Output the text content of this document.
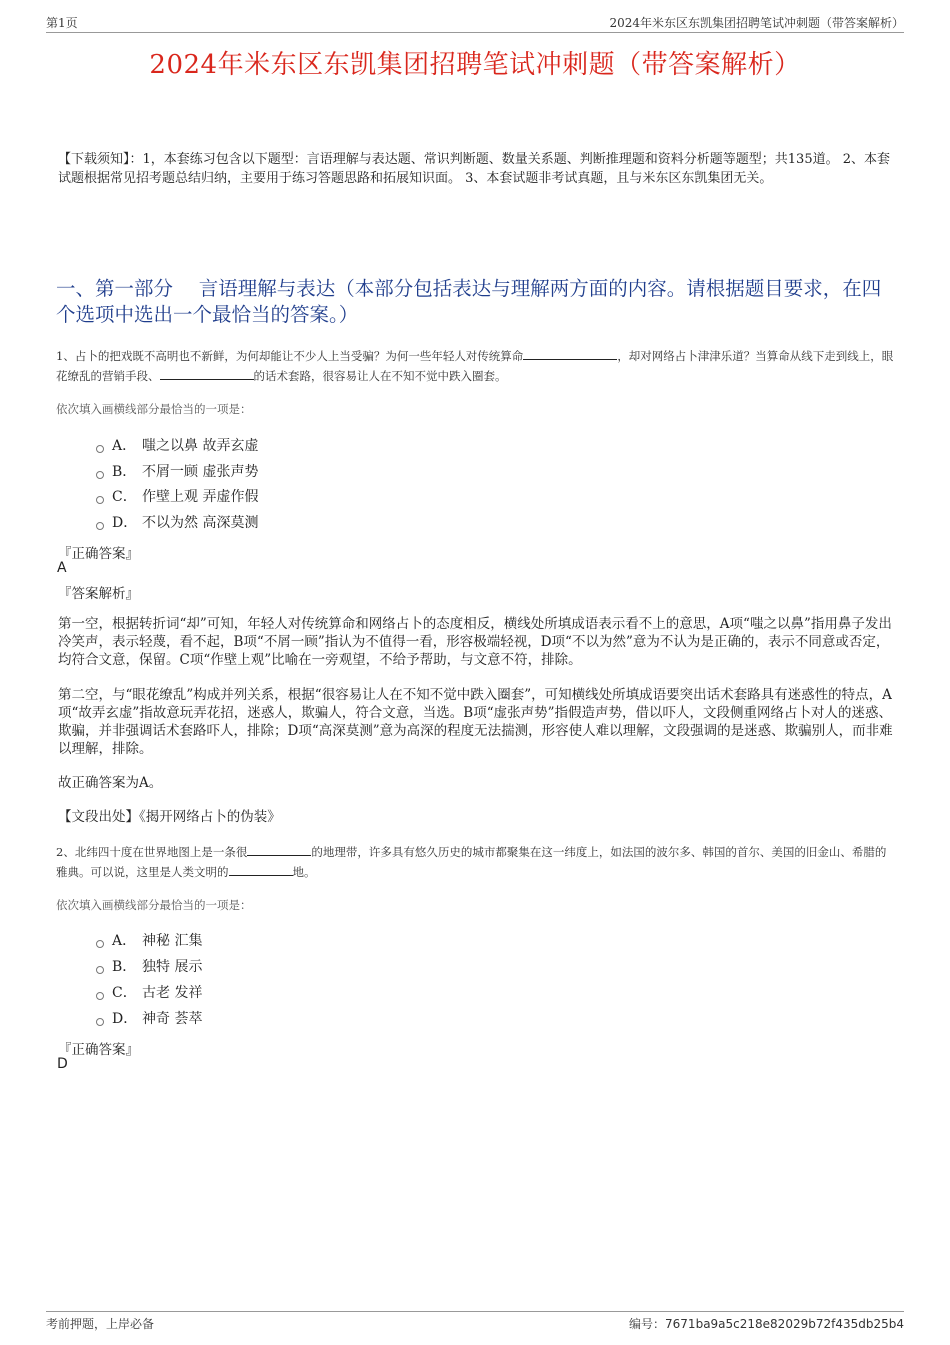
第1页	2024年米东区东凯集团招聘笔试冲刺题（带答案解析）
2024年米东区东凯集团招聘笔试冲刺题（带答案解析）
【下载须知】：1，本套练习包含以下题型：言语理解与表达题、常识判断题、数量关系题、判断推理题和资料分析题等题型；共135道。 2、本套试题根据常见招考题总结归纳，主要用于练习答题思路和拓展知识面。 3、本套试题非考试真题，且与米东区东凯集团无关。
一、第一部分　 言语理解与表达（本部分包括表达与理解两方面的内容。请根据题目要求，在四个选项中选出一个最恰当的答案。）
1、占卜的把戏既不高明也不新鲜，为何却能让不少人上当受骗？为何一些年轻人对传统算命	，却对网络占卜津津乐道？当算命从线下走到线上，眼花缭乱的营销手段、	的话术套路，很容易让人在不知不觉中跌入圈套。
依次填入画横线部分最恰当的一项是：
A． 嗤之以鼻 故弄玄虚
B． 不屑一顾 虚张声势
C． 作壁上观 弄虚作假
D． 不以为然 高深莫测
『正确答案』
A
『答案解析』
第一空，根据转折词“却”可知，年轻人对传统算命和网络占卜的态度相反，横线处所填成语表示看不上的意思，A项“嗤之以鼻”指用鼻子发出冷笑声，表示轻蔑，看不起，B项“不屑一顾”指认为不值得一看，形容极端轻视，D项“不以为然”意为不认为是正确的，表示不同意或否定，均符合文意，保留。C项“作壁上观”比喻在一旁观望，不给予帮助，与文意不符，排除。
第二空，与“眼花缭乱”构成并列关系，根据“很容易让人在不知不觉中跌入圈套”，可知横线处所填成语要突出话术套路具有迷惑性的特点，A项“故弄玄虚”指故意玩弄花招，迷惑人，欺骗人，符合文意，当选。B项“虚张声势”指假造声势，借以吓人，文段侧重网络占卜对人的迷惑、欺骗，并非强调话术套路吓人，排除；D项“高深莫测”意为高深的程度无法揣测，形容使人难以理解，文段强调的是迷惑、欺骗别人，而非难以理解，排除。
故正确答案为A。
【文段出处】《揭开网络占卜的伪装》
2、北纬四十度在世界地图上是一条很	的地理带，许多具有悠久历史的城市都聚集在这一纬度上，如法国的波尔多、韩国的首尔、美国的旧金山、希腊的雅典。可以说，这里是人类文明的	地。
依次填入画横线部分最恰当的一项是：
A． 神秘 汇集
B． 独特 展示
C． 古老 发祥
D． 神奇 荟萃
『正确答案』
D
考前押题，上岸必备	编号：7671ba9a5c218e82029b72f435db25b4
